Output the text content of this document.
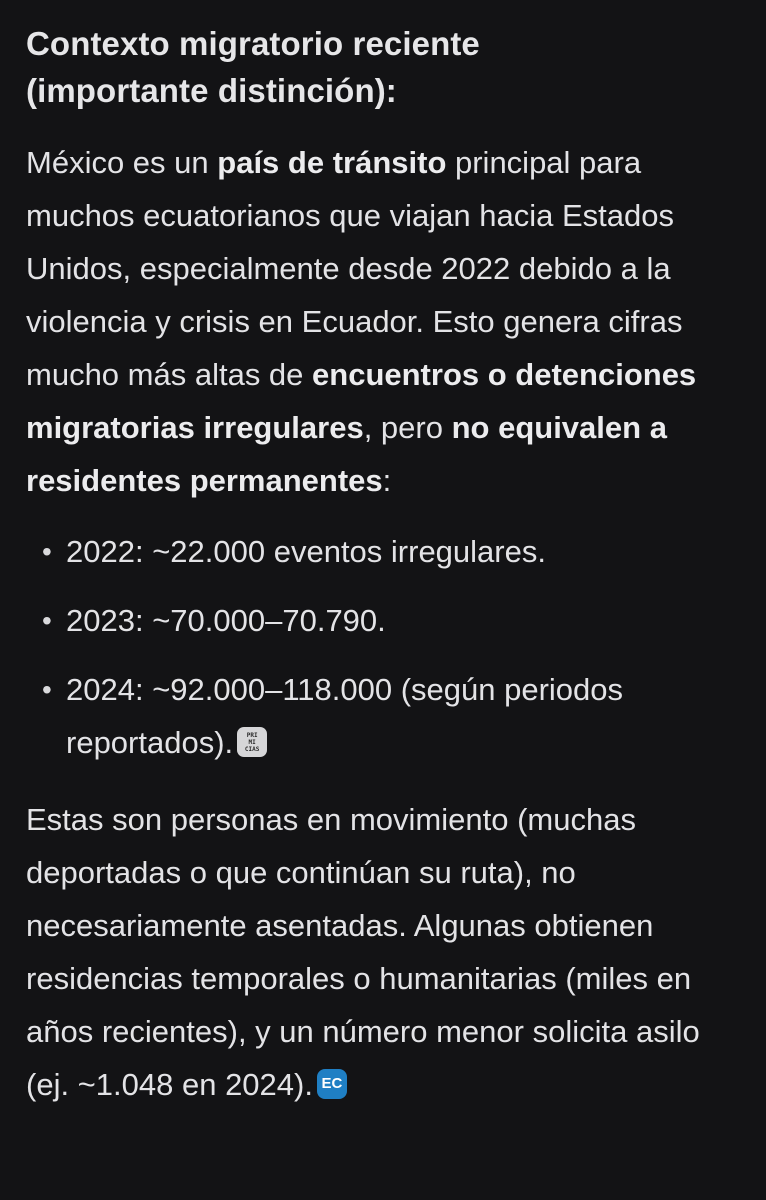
Contexto migratorio reciente
(importante distinción):

México es un país de tránsito principal para muchos ecuatorianos que viajan hacia Estados Unidos, especialmente desde 2022 debido a la violencia y crisis en Ecuador. Esto genera cifras mucho más altas de encuentros o detenciones migratorias irregulares, pero no equivalen a residentes permanentes:

• 2022: ~22.000 eventos irregulares.
• 2023: ~70.000–70.790.
• 2024: ~92.000–118.000 (según periodos reportados). PRI
MI
CIAS

Estas son personas en movimiento (muchas deportadas o que continúan su ruta), no necesariamente asentadas. Algunas obtienen residencias temporales o humanitarias (miles en años recientes), y un número menor solicita asilo (ej. ~1.048 en 2024). EC
